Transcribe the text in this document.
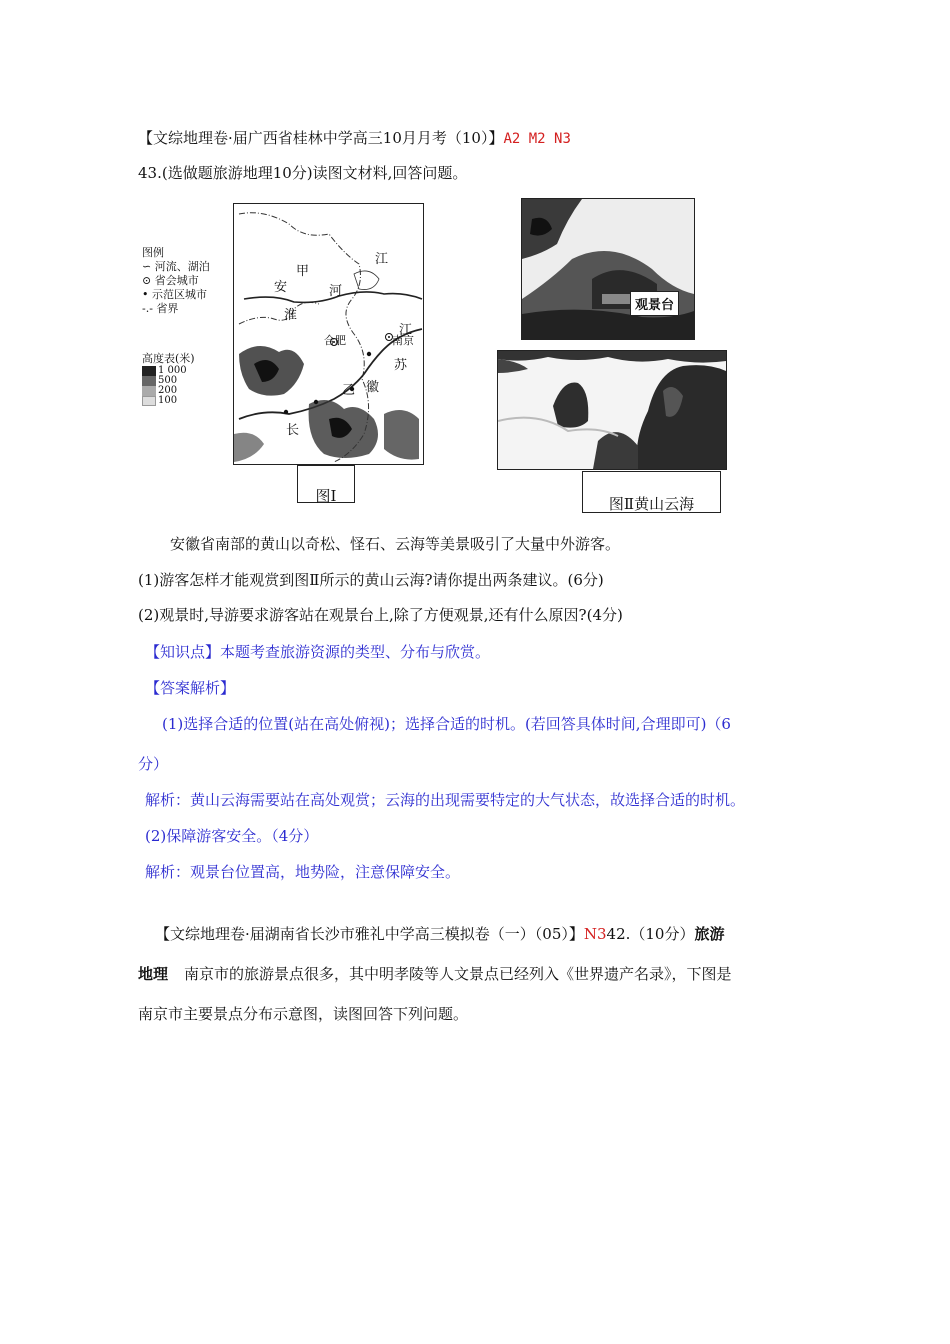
【文综地理卷·届广西省桂林中学高三10月月考（10）】A2 M2 N3
43.(选做题旅游地理10分)读图文材料,回答问题。
图例
∽ 河流、湖泊
⊙ 省会城市
• 示范区城市
-.- 省界
高度表(米)
1 000
500
200
100
江
甲
安	河
淮
江
合肥	南京
苏
乙 徽
长
图Ⅰ
观景台
图Ⅱ黄山云海
安徽省南部的黄山以奇松、怪石、云海等美景吸引了大量中外游客。
(1)游客怎样才能观赏到图Ⅱ所示的黄山云海?请你提出两条建议。(6分)
(2)观景时,导游要求游客站在观景台上,除了方便观景,还有什么原因?(4分)
【知识点】本题考查旅游资源的类型、分布与欣赏。
【答案解析】
(1)选择合适的位置(站在高处俯视)；选择合适的时机。(若回答具体时间,合理即可)（6
分）
解析：黄山云海需要站在高处观赏；云海的出现需要特定的大气状态，故选择合适的时机。
(2)保障游客安全。（4分）
解析：观景台位置高，地势险，注意保障安全。
【文综地理卷·届湖南省长沙市雅礼中学高三模拟卷（一）（05）】N342.（10分）旅游
地理 南京市的旅游景点很多，其中明孝陵等人文景点已经列入《世界遗产名录》，下图是
南京市主要景点分布示意图，读图回答下列问题。
